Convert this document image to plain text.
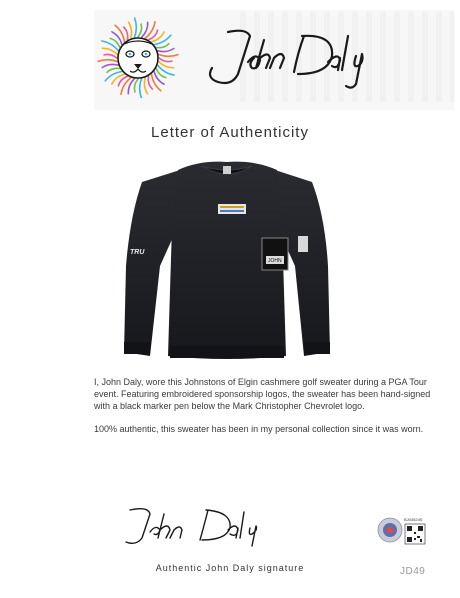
Letter of Authenticity
JOHN
TRU

I, John Daly, wore this Johnstons of Elgin cashmere golf sweater during a PGA Tour event. Featuring embroidered sponsorship logos, the sweater has been hand-signed with a black marker pen below the Mark Christopher Chevrolet logo.

100% authentic, this sweater has been in my personal collection since it was worn.

BJ04524S
Authentic John Daly signature	JD49
